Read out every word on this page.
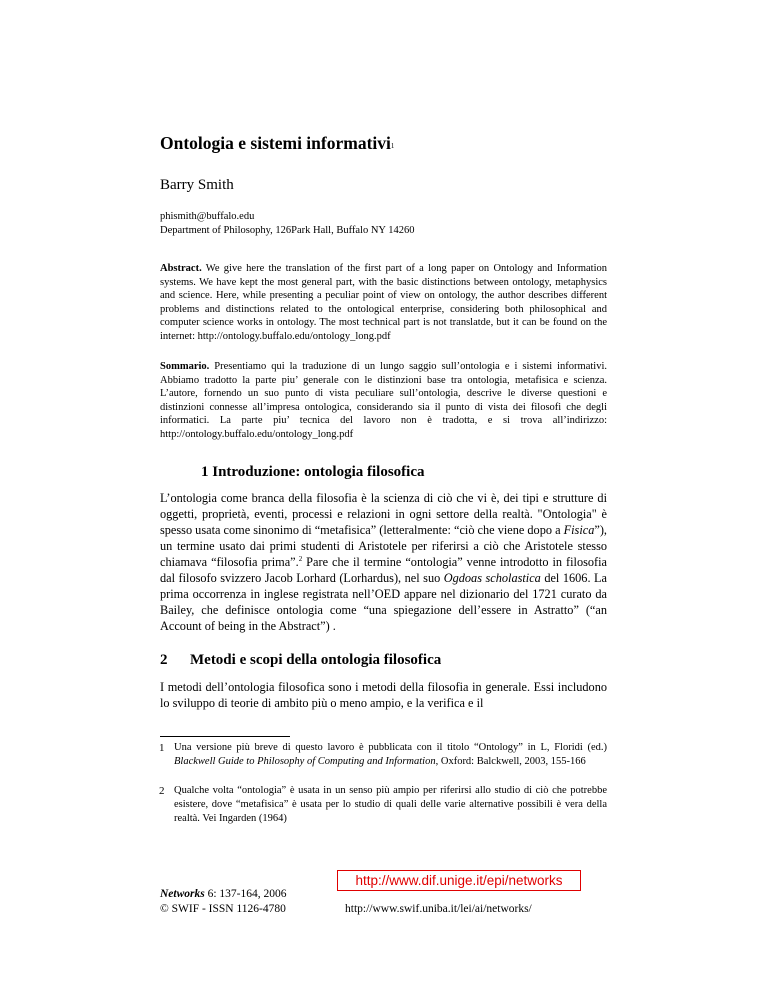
Ontologia e sistemi informativi$^1$
Barry Smith
phismith@buffalo.edu
Department of Philosophy, 126Park Hall, Buffalo NY 14260
Abstract. We give here the translation of the first part of a long paper on Ontology and Information systems. We have kept the most general part, with the basic distinctions between ontology, metaphysics and science. Here, while presenting a peculiar point of view on ontology, the author describes different problems and distinctions related to the ontological enterprise, considering both philosophical and computer science works in ontology. The most technical part is not translatde, but it can be found on the internet: http://ontology.buffalo.edu/ontology_long.pdf
Sommario. Presentiamo qui la traduzione di un lungo saggio sull’ontologia e i sistemi informativi. Abbiamo tradotto la parte piu’ generale con le distinzioni base tra ontologia, metafisica e scienza. L’autore, fornendo un suo punto di vista peculiare sull’ontologia, descrive le diverse questioni e distinzioni connesse all’impresa ontologica, considerando sia il punto di vista dei filosofi che degli informatici. La parte piu’ tecnica del lavoro non è tradotta, e si trova all’indirizzo: http://ontology.buffalo.edu/ontology_long.pdf
1 Introduzione: ontologia filosofica
L’ontologia come branca della filosofia è la scienza di ciò che vi è, dei tipi e strutture di oggetti, proprietà, eventi, processi e relazioni in ogni settore della realtà. "Ontologia" è spesso usata come sinonimo di “metafisica” (letteralmente: “ciò che viene dopo a Fisica”), un termine usato dai primi studenti di Aristotele per riferirsi a ciò che Aristotele stesso chiamava “filosofia prima”.$^2$ Pare che il termine “ontologia” venne introdotto in filosofia dal filosofo svizzero Jacob Lorhard (Lorhardus), nel suo Ogdoas scholastica del 1606. La prima occorrenza in inglese registrata nell’OED appare nel dizionario del 1721 curato da Bailey, che definisce ontologia come “una spiegazione dell’essere in Astratto” (“an Account of being in the Abstract”) .
2 Metodi e scopi della ontologia filosofica
I metodi dell’ontologia filosofica sono i metodi della filosofia in generale. Essi includono lo sviluppo di teorie di ambito più o meno ampio, e la verifica e il
1 Una versione più breve di questo lavoro è pubblicata con il titolo “Ontology” in L, Floridi (ed.) Blackwell Guide to Philosophy of Computing and Information, Oxford: Balckwell, 2003, 155-166
2 Qualche volta “ontologia” è usata in un senso più ampio per riferirsi allo studio di ciò che potrebbe esistere, dove “metafisica” è usata per lo studio di quali delle varie alternative possibili è vera della realtà. Vei Ingarden (1964)
Networks 6: 137-164, 2006
© SWIF - ISSN 1126-4780
http://www.dif.unige.it/epi/networks
http://www.swif.uniba.it/lei/ai/networks/
